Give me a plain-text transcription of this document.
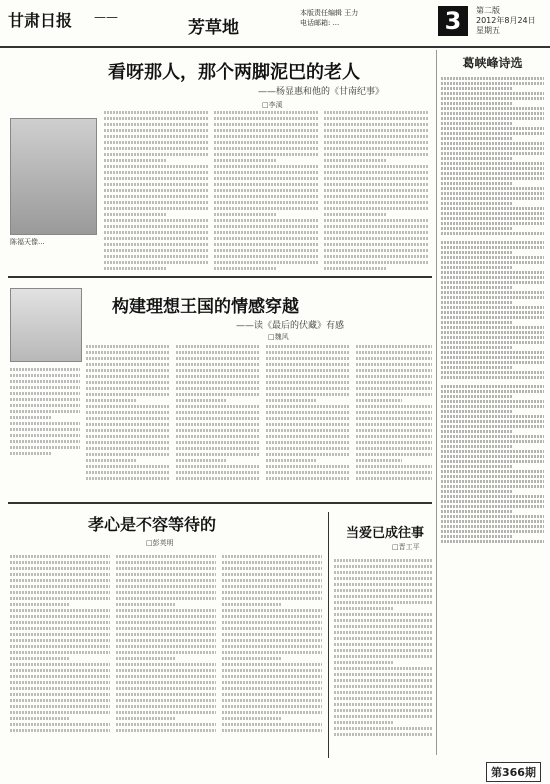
甘肃日报 ——
芳草地
本版责任编辑 王力
电话邮箱: ...	3	第二版
2012年8月24日
星期五
葛峡峰诗选
看呀那人，那个两脚泥巴的老人
——杨显惠和他的《甘南纪事》
□李溪
陈福天像...
构建理想王国的情感穿越
——读《最后的伏藏》有感
□魏风
孝心是不容等待的
□彭英明
当爱已成往事
□晋工平
第366期
